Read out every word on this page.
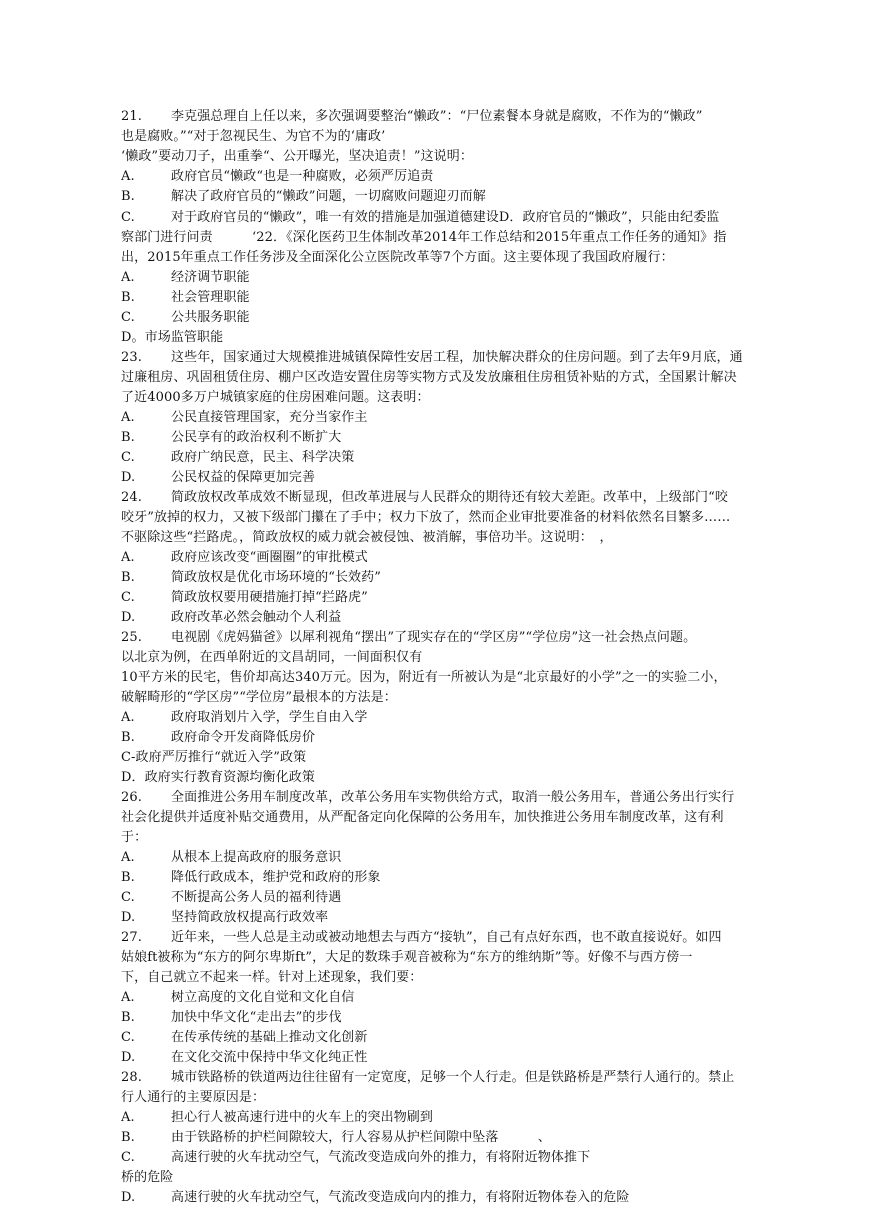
21. 李克强总理自上任以来，多次强调要整治“懒政”：“尸位素餐本身就是腐败，不作为的“懒政”
也是腐败。”“对于忽视民生、为官不为的‘庸政’
‘懒政”要动刀子，出重拳“、公开曝光，坚决追责！”这说明：
A.	政府官员“懒政“也是一种腐败，必须严厉追责
B.	解决了政府官员的“懒政”问题，一切腐败问题迎刃而解
C.	对于政府官员的“懒政”，唯一有效的措施是加强道德建设D．政府官员的“懒政”，只能由纪委监
察部门进行问责　　　‘22．《深化医药卫生体制改革2014年工作总结和2015年重点工作任务的通知》指
出，2015年重点工作任务涉及全面深化公立医院改革等7个方面。这主要体现了我国政府履行：
A.	经济调节职能
B.	社会管理职能
C.	公共服务职能
D。市场监管职能
23. 这些年，国家通过大规模推进城镇保障性安居工程，加快解决群众的住房问题。到了去年9月底，通
过廉租房、巩固租赁住房、棚户区改造安置住房等实物方式及发放廉租住房租赁补贴的方式，全国累计解决
了近4000多万户城镇家庭的住房困难问题。这表明：
A.	公民直接管理国家，充分当家作主
B.	公民享有的政治权利不断扩大
C.	政府广纳民意，民主、科学决策
D.	公民权益的保障更加完善
24. 简政放权改革成效不断显现，但改革进展与人民群众的期待还有较大差距。改革中，上级部门“咬
咬牙”放掉的权力，又被下级部门攥在了手中；权力下放了，然而企业审批要准备的材料依然名目繁多……
不驱除这些“拦路虎。，简政放权的威力就会被侵蚀、被消解，事倍功半。这说明：　，
A.	政府应该改变“画圈圈”的审批模式
B.	简政放权是优化市场环境的“长效药”
C.	简政放权要用硬措施打掉“拦路虎”
D.	政府改革必然会触动个人利益
25. 电视剧《虎妈猫爸》以犀利视角“摆出”了现实存在的“学区房”“学位房”这一社会热点问题。
以北京为例，在西单附近的文昌胡同，一间面积仅有
10平方米的民宅，售价却高达340万元。因为，附近有一所被认为是“北京最好的小学”之一的实验二小，
破解畸形的“学区房”“学位房”最根本的方法是：
A.	政府取消划片入学，学生自由入学
B.	政府命令开发商降低房价
C-政府严厉推行“就近入学”政策
D．政府实行教育资源均衡化政策
26. 全面推进公务用车制度改革，改革公务用车实物供给方式，取消一般公务用车，普通公务出行实行
社会化提供并适度补贴交通费用，从严配备定向化保障的公务用车，加快推进公务用车制度改革，这有利
于：
A.	从根本上提高政府的服务意识
B.	降低行政成本，维护党和政府的形象
C.	不断提高公务人员的福利待遇
D.	坚持简政放权提高行政效率
27. 近年来，一些人总是主动或被动地想去与西方“接轨”，自己有点好东西，也不敢直接说好。如四
姑娘ft被称为“东方的阿尔卑斯ft”，大足的数珠手观音被称为“东方的维纳斯”等。好像不与西方傍一
下，自己就立不起来一样。针对上述现象，我们要：
A.	树立高度的文化自觉和文化自信
B.	加快中华文化“走出去”的步伐
C.	在传承传统的基础上推动文化创新
D.	在文化交流中保持中华文化纯正性
28. 城市铁路桥的铁道两边往往留有一定宽度，足够一个人行走。但是铁路桥是严禁行人通行的。禁止
行人通行的主要原因是：
A.	担心行人被高速行进中的火车上的突出物刷到
B.	由于铁路桥的护栏间隙较大，行人容易从护栏间隙中坠落　　　、
C.	高速行驶的火车扰动空气，气流改变造成向外的推力，有将附近物体推下
桥的危险
D.	高速行驶的火车扰动空气，气流改变造成向内的推力，有将附近物体卷入的危险
